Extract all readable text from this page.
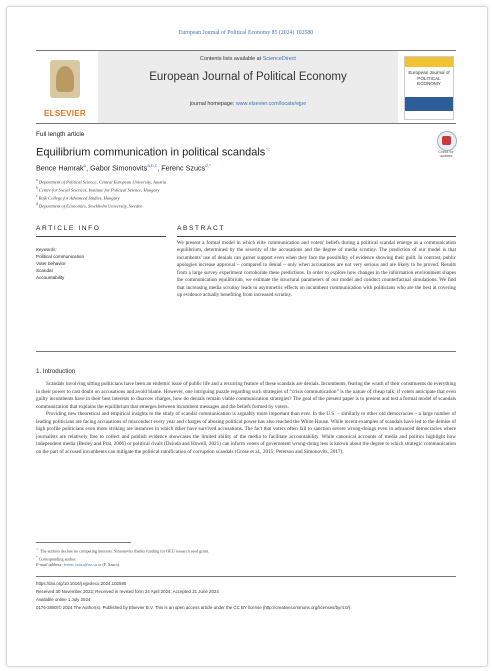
European Journal of Political Economy 85 (2024) 102580
ELSEVIER
Contents lists available at ScienceDirect
European Journal of Political Economy
journal homepage: www.elsevier.com/locate/ejpe
European Journal of POLITICAL ECONOMY
Full length article
Check for updates
Equilibrium communication in political scandals☆
Bence Hamrak$^a$, Gabor Simonovits$^{a,b,c}$, Ferenc Szucs$^{d,*}$
$^a$ Department of Political Science, Central European University, Austria
$^b$ Centre for Social Sciences, Institute for Political Science, Hungary
$^c$ Rajk College for Advanced Studies, Hungary
$^d$ Department of Economics, Stockholm University, Sweden
ARTICLE INFO	ABSTRACT
Keywords:
Political communication
Voter behavior
Scandal
Accountability
We present a formal model in which elite communication and voters' beliefs during a political scandal emerge as a communication equilibrium, determined by the severity of the accusations and the degree of media scrutiny. The prediction of our model is that incumbents' use of denials can garner support even when they face the possibility of evidence showing their guilt. In contrast, public apologies increase approval – compared to denial – only when accusations are not very serious and are likely to be proved. Results from a large survey experiment corroborate these predictions. In order to explore how changes in the information environment shapes the communication equilibrium, we estimate the structural parameters of our model and conduct counterfactual simulations. We find that increasing media scrutiny leads to asymmetric effects on incumbent communication with politicians who are the best at covering up evidence actually benefiting from increased scrutiny.
1. Introduction

Scandals involving sitting politicians have been an endemic issue of public life and a recurring feature of these scandals are denials. Incumbents, fearing the wrath of their constituents do everything in their power to cast doubt on accusations and avoid blame. However, one intriguing puzzle regarding such strategies of “crisis communication” is the nature of cheap talk: if voters anticipate that even guilty incumbents have in their best interests to disavow charges, how do denials remain viable communication strategies? The goal of the present paper is to present and test a formal model of scandals communication that explains the equilibrium that emerges between incumbent messages and the beliefs formed by voters.

Providing new theoretical and empirical insights to the study of scandal communication is arguably more important than ever. In the U.S. – similarly to other old democracies – a large number of leading politicians are facing accusations of misconduct every year and charges of abusing political power has also reached the White House. While recent examples of scandals have led to the demise of high profile politicians even more striking are instances in which other have survived accusations. The fact that voters often fail to sanction severe wrong-doings even in advanced democracies where journalists are relatively free to collect and publish evidence showcases the limited ability of the media to facilitate accountability. While canonical accounts of media and politics highlight how independent media (Besley and Prat, 2006) or political rivals (Dziuda and Howell, 2021) can inform voters of government wrong-doing less is known about the degree to which strategic communication on the part of accused incumbents can mitigate the political ramification of corruption scandals (Grose et al., 2015; Peterson and Simonovits, 2017).

☆ The authors declare no competing interests. Simonovits thanks funding for OEU research seed grant.
* Corresponding author.
E-mail address: ferenc.szucs@ne.su.se (F. Szucs).
https://doi.org/10.1016/j.ejpoleco.2024.102580
Received 30 November 2023; Received in revised form 24 April 2024; Accepted 21 June 2024
Available online 1 July 2024
0176-2680/© 2024 The Author(s). Published by Elsevier B.V. This is an open access article under the CC BY license (http://creativecommons.org/licenses/by/4.0/).
